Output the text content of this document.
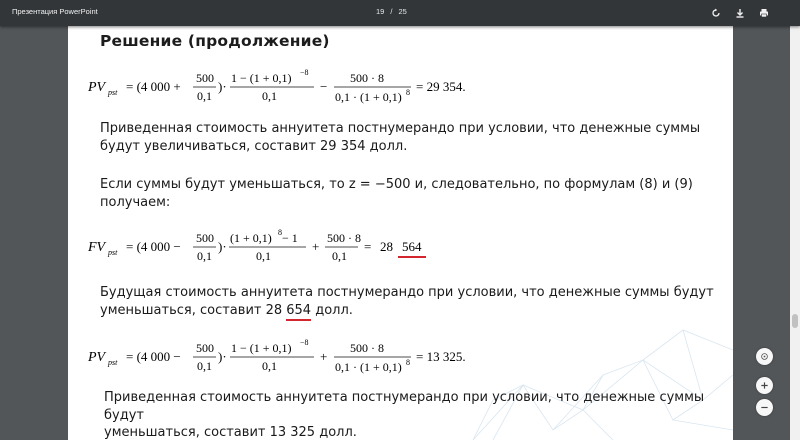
Презентация PowerPoint	19 / 25
Решение (продолжение)
PV pst = (4 000 +
500
0,1
)·
1 − (1 + 0,1) −8
0,1
−
500 · 8
0,1 · (1 + 0,1) 8 = 29 354.
Приведенная стоимость аннуитета постнумерандо при условии, что денежные суммы
будут увеличиваться, составит 29 354 долл.
Если суммы будут уменьшаться, то z = −500 и, следовательно, по формулам (8) и (9)
получаем:
FV pst = (4 000 −
500
0,1
)·
(1 + 0,1) 8 − 1
0,1
+
500 · 8
0,1
= 28 564
Будущая стоимость аннуитета постнумерандо при условии, что денежные суммы будут
уменьшаться, составит 28 654
долл.
PV pst = (4 000 −
500
0,1
)·
1 − (1 + 0,1) −8
0,1
+
500 · 8
0,1 · (1 + 0,1) 8 = 13 325.
Приведенная стоимость аннуитета постнумерандо при условии, что денежные суммы будут
уменьшаться, составит 13 325 долл.
